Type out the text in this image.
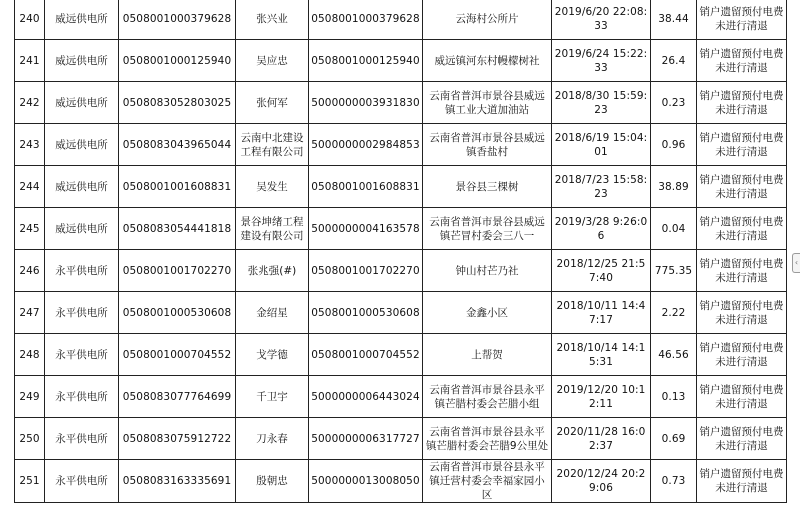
240	威远供电所	0508001000379628	张兴业	0508001000379628	云海村公所片	2019/6/20 22:08:33	38.44	销户遗留预付电费未进行清退
241	威远供电所	0508001000125940	吴应忠	0508001000125940	威远镇河东村幔檬树社	2019/6/24 15:22:33	26.4	销户遗留预付电费未进行清退
242	威远供电所	0508083052803025	张何军	5000000003931830	云南省普洱市景谷县威远镇工业大道加油站	2018/8/30 15:59:23	0.23	销户遗留预付电费未进行清退
243	威远供电所	0508083043965044	云南中北建设工程有限公司	5000000002984853	云南省普洱市景谷县威远镇香盐村	2018/6/19 15:04:01	0.96	销户遗留预付电费未进行清退
244	威远供电所	0508001001608831	吴发生	0508001001608831	景谷县三棵树	2018/7/23 15:58:23	38.89	销户遗留预付电费未进行清退
245	威远供电所	0508083054441818	景谷坤绪工程建设有限公司	5000000004163578	云南省普洱市景谷县威远镇芒冒村委会三八一	2019/3/28 9:26:06	0.04	销户遗留预付电费未进行清退
246	永平供电所	0508001001702270	张兆强(#)	0508001001702270	钟山村芒乃社	2018/12/25 21:57:40	775.35	销户遗留预付电费未进行清退
247	永平供电所	0508001000530608	金绍星	0508001000530608	金鑫小区	2018/10/11 14:47:17	2.22	销户遗留预付电费未进行清退
248	永平供电所	0508001000704552	戈学德	0508001000704552	上帮贺	2018/10/14 14:15:31	46.56	销户遗留预付电费未进行清退
249	永平供电所	0508083077764699	千卫宇	5000000006443024	云南省普洱市景谷县永平镇芒腊村委会芒腊小组	2019/12/20 10:12:11	0.13	销户遗留预付电费未进行清退
250	永平供电所	0508083075912722	刀永春	5000000006317727	云南省普洱市景谷县永平镇芒腊村委会芒腊9公里处	2020/11/28 16:02:37	0.69	销户遗留预付电费未进行清退
251	永平供电所	0508083163335691	殷朝忠	5000000013008050	云南省普洱市景谷县永平镇迁营村委会幸福家园小区	2020/12/24 20:29:06	0.73	销户遗留预付电费未进行清退
‹
